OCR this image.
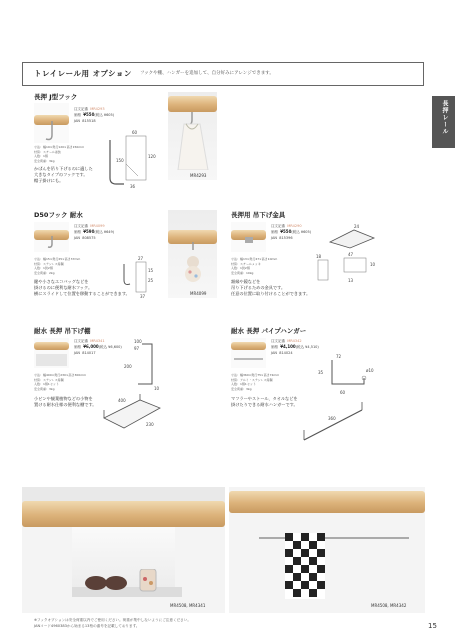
トレイレール用 オプション フックや棚、ハンガーを追加して、自分好みにアレンジできます。
長押レール
長押 J型フック
注文記番 MR4293
価格 ¥550(税込 ¥605)
JAN 815518
寸法：幅19×奥行120×高さ150mm
材質：スチール塗装
入数：1個
安全荷重：3kg
かばんを吊り下げるのに適した
大きなタイプのフックです。
帽子掛けにも。
60
150
120
36
MR4293
D50フック 耐水
注文記番 MR4099
価格 ¥590(税込 ¥649)
JAN 808575
寸法：幅15×奥行25×高さ37mm
材質：ステンレス鋳鋼
入数：1袋2個
安全荷重：2kg
鍵や小さなエコバッグなどを
掛けるのに便利な耐水フック。
横にスライドして位置を移動することができます。
27
15
25
37
MR4099
長押用 吊下げ金具
注文記番 MR4290
価格 ¥550(税込 ¥605)
JAN 815396
寸法：幅13×奥行47×高さ10mm
材質：スチールメッキ
入数：1袋2個
安全荷重：10kg
額縁や鏡などを
吊り下げるための金具です。
任意の位置に取り付けることができます。
24
18	47
10
13
耐水 長押 吊下げ棚
注文記番 MR4341
価格 ¥6,000(税込 ¥6,600)
JAN 814017
寸法：幅400×奥行230×高さ300mm
材質：ステンレス鋳鋼
入数：1個1セット
安全荷重：3kg
小ビンや観葉植物などの小物を
置ける耐水仕様の便利な棚です。
100
97
200
10
400
230
耐水 長押 パイプハンガー
注文記番 MR4342
価格 ¥4,100(税込 ¥4,510)
JAN 814024
寸法：幅360×奥行75×高さ72mm
材質：アルミ・ステンレス鋳鋼
入数：1個1セット
安全荷重：3kg
マフラーやストール、タオルなどを
掛けたりできる耐水ハンガーです。
72
35
60
ø10
360
MR4508, MR4341	MR4508, MR4342
※フックオプションは安全荷重以内でご使用ください。荷重が集中しないようにご注意ください。
JANコード4960383から始まる13桁の番号を記載しております。	15
